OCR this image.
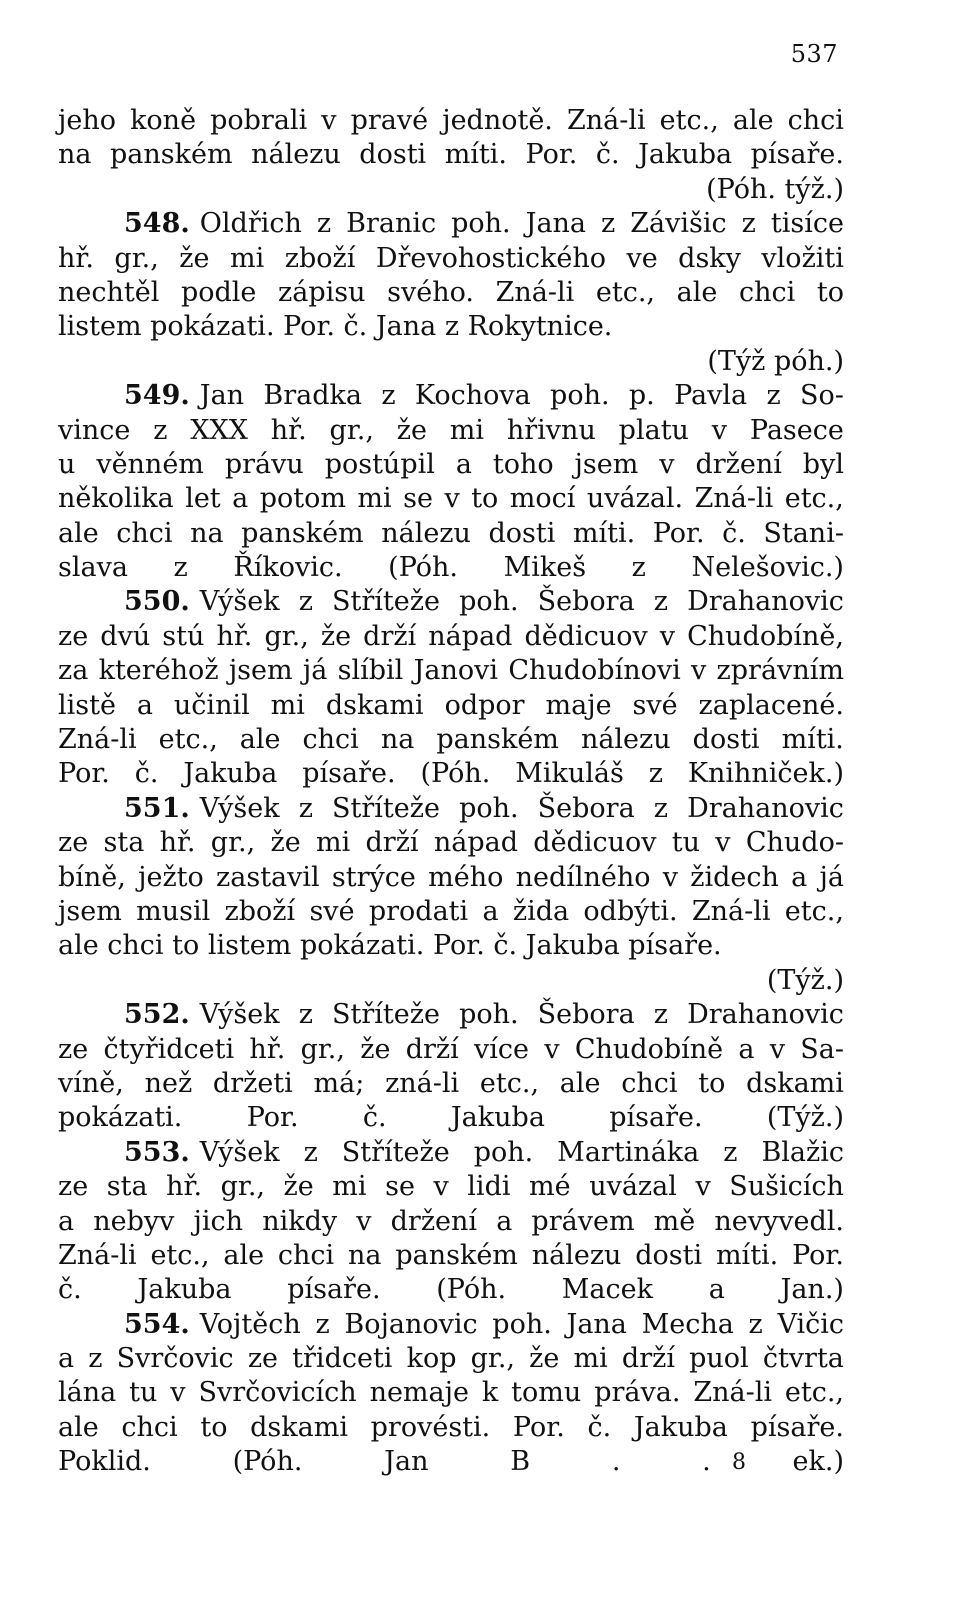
537
jeho koně pobrali v pravé jednotě. Zná-li etc., ale chci
na panském nálezu dosti míti. Por. č. Jakuba písaře.
(Póh. týž.)
548. Oldřich z Branic poh. Jana z Závišic z tisíce
hř. gr., že mi zboží Dřevohostického ve dsky vložiti
nechtěl podle zápisu svého. Zná-li etc., ale chci to
listem pokázati. Por. č. Jana z Rokytnice.
(Týž póh.)
549. Jan Bradka z Kochova poh. p. Pavla z So-
vince z XXX hř. gr., že mi hřivnu platu v Pasece
u věnném právu postúpil a toho jsem v držení byl
několika let a potom mi se v to mocí uvázal. Zná-li etc.,
ale chci na panském nálezu dosti míti. Por. č. Stani-
slava z Říkovic. (Póh. Mikeš z Nelešovic.)
550. Výšek z Stříteže poh. Šebora z Drahanovic
ze dvú stú hř. gr., že drží nápad dědicuov v Chudobíně,
za kteréhož jsem já slíbil Janovi Chudobínovi v zprávním
listě a učinil mi dskami odpor maje své zaplacené.
Zná-li etc., ale chci na panském nálezu dosti míti.
Por. č. Jakuba písaře. (Póh. Mikuláš z Knihniček.)
551. Výšek z Stříteže poh. Šebora z Drahanovic
ze sta hř. gr., že mi drží nápad dědicuov tu v Chudo-
bíně, ježto zastavil strýce mého nedílného v židech a já
jsem musil zboží své prodati a žida odbýti. Zná-li etc.,
ale chci to listem pokázati. Por. č. Jakuba písaře.
(Týž.)
552. Výšek z Stříteže poh. Šebora z Drahanovic
ze čtyřidceti hř. gr., že drží více v Chudobíně a v Sa-
víně, než držeti má; zná-li etc., ale chci to dskami
pokázati. Por. č. Jakuba písaře. (Týž.)
553. Výšek z Stříteže poh. Martináka z Blažic
ze sta hř. gr., že mi se v lidi mé uvázal v Sušicích
a nebyv jich nikdy v držení a právem mě nevyvedl.
Zná-li etc., ale chci na panském nálezu dosti míti. Por.
č. Jakuba písaře. (Póh. Macek a Jan.)
554. Vojtěch z Bojanovic poh. Jana Mecha z Vičic
a z Svrčovic ze třidceti kop gr., že mi drží puol čtvrta
lána tu v Svrčovicích nemaje k tomu práva. Zná-li etc.,
ale chci to dskami provésti. Por. č. Jakuba písaře.
Poklid.	(Póh.	Jan	B	.	.	ek.)
8
